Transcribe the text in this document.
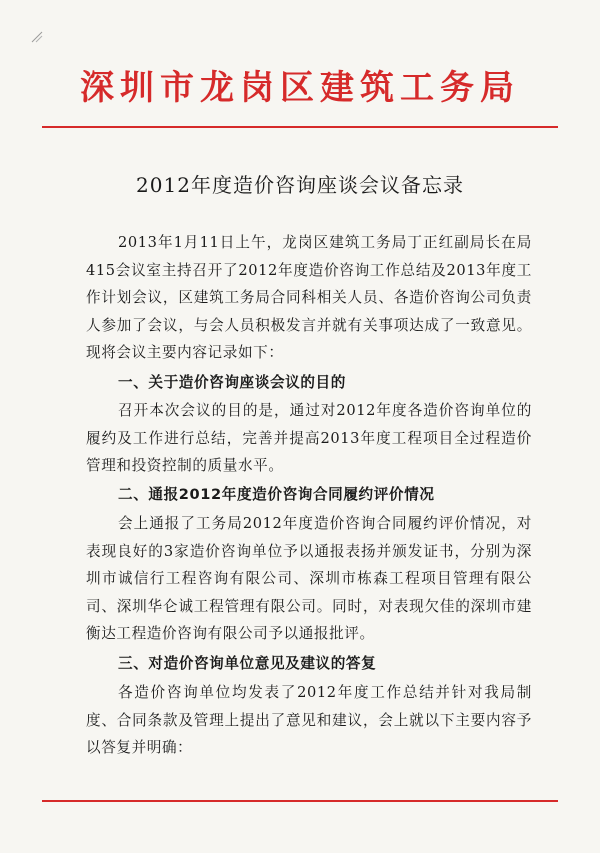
深圳市龙岗区建筑工务局
2012年度造价咨询座谈会议备忘录
2013年1月11日上午，龙岗区建筑工务局丁正红副局长在局415会议室主持召开了2012年度造价咨询工作总结及2013年度工作计划会议，区建筑工务局合同科相关人员、各造价咨询公司负责人参加了会议，与会人员积极发言并就有关事项达成了一致意见。现将会议主要内容记录如下：
一、关于造价咨询座谈会议的目的
召开本次会议的目的是，通过对2012年度各造价咨询单位的履约及工作进行总结，完善并提高2013年度工程项目全过程造价管理和投资控制的质量水平。
二、通报2012年度造价咨询合同履约评价情况
会上通报了工务局2012年度造价咨询合同履约评价情况，对表现良好的3家造价咨询单位予以通报表扬并颁发证书，分别为深圳市诚信行工程咨询有限公司、深圳市栋森工程项目管理有限公司、深圳华仑诚工程管理有限公司。同时，对表现欠佳的深圳市建衡达工程造价咨询有限公司予以通报批评。
三、对造价咨询单位意见及建议的答复
各造价咨询单位均发表了2012年度工作总结并针对我局制度、合同条款及管理上提出了意见和建议，会上就以下主要内容予以答复并明确：
